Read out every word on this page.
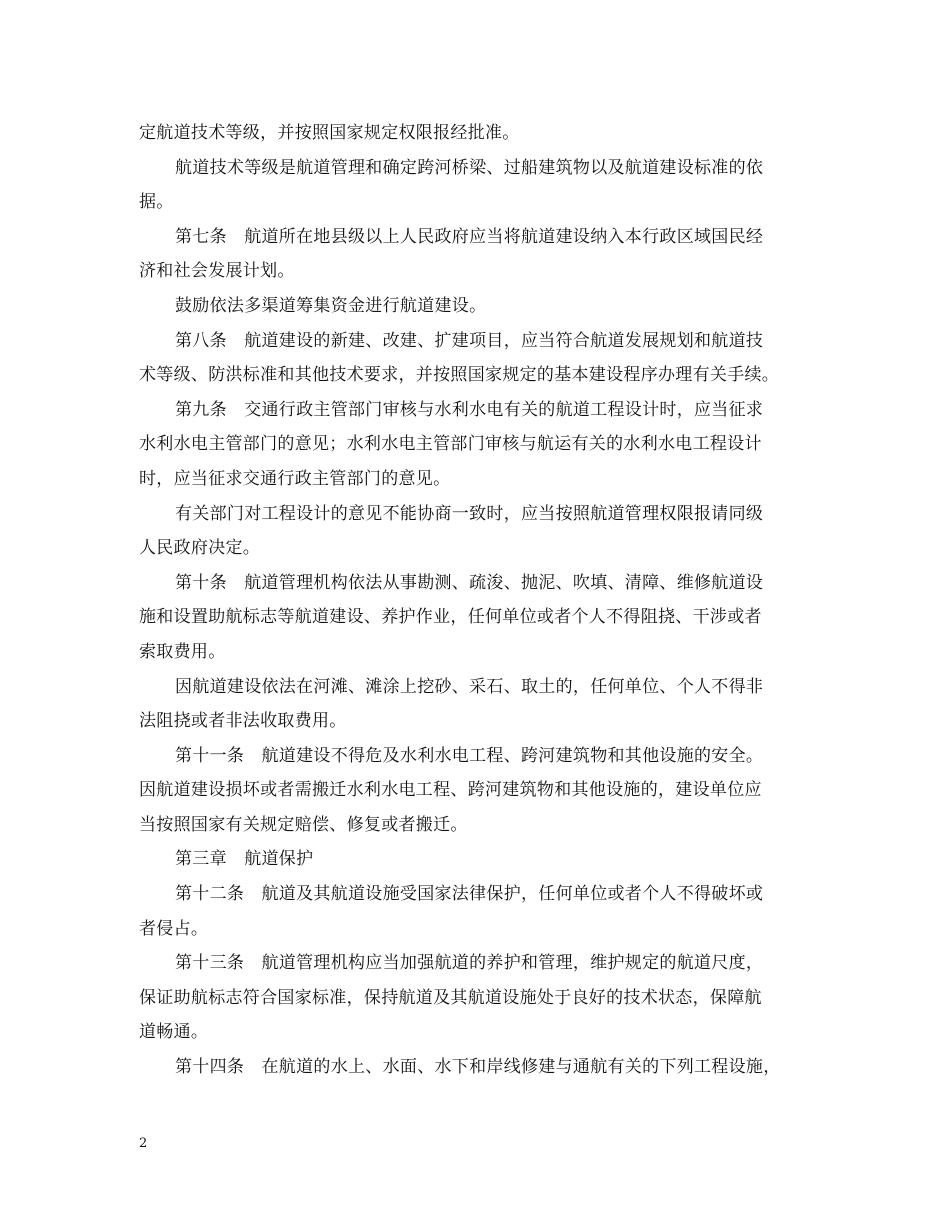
定航道技术等级，并按照国家规定权限报经批准。
航道技术等级是航道管理和确定跨河桥梁、过船建筑物以及航道建设标准的依
据。
第七条　航道所在地县级以上人民政府应当将航道建设纳入本行政区域国民经
济和社会发展计划。
鼓励依法多渠道筹集资金进行航道建设。
第八条　航道建设的新建、改建、扩建项目，应当符合航道发展规划和航道技
术等级、防洪标准和其他技术要求，并按照国家规定的基本建设程序办理有关手续。
第九条　交通行政主管部门审核与水利水电有关的航道工程设计时，应当征求
水利水电主管部门的意见；水利水电主管部门审核与航运有关的水利水电工程设计
时，应当征求交通行政主管部门的意见。
有关部门对工程设计的意见不能协商一致时，应当按照航道管理权限报请同级
人民政府决定。
第十条　航道管理机构依法从事勘测、疏浚、抛泥、吹填、清障、维修航道设
施和设置助航标志等航道建设、养护作业，任何单位或者个人不得阻挠、干涉或者
索取费用。
因航道建设依法在河滩、滩涂上挖砂、采石、取土的，任何单位、个人不得非
法阻挠或者非法收取费用。
第十一条　航道建设不得危及水利水电工程、跨河建筑物和其他设施的安全。
因航道建设损坏或者需搬迁水利水电工程、跨河建筑物和其他设施的，建设单位应
当按照国家有关规定赔偿、修复或者搬迁。
第三章　航道保护
第十二条　航道及其航道设施受国家法律保护，任何单位或者个人不得破坏或
者侵占。
第十三条　航道管理机构应当加强航道的养护和管理，维护规定的航道尺度，
保证助航标志符合国家标准，保持航道及其航道设施处于良好的技术状态，保障航
道畅通。
第十四条　在航道的水上、水面、水下和岸线修建与通航有关的下列工程设施，
2
